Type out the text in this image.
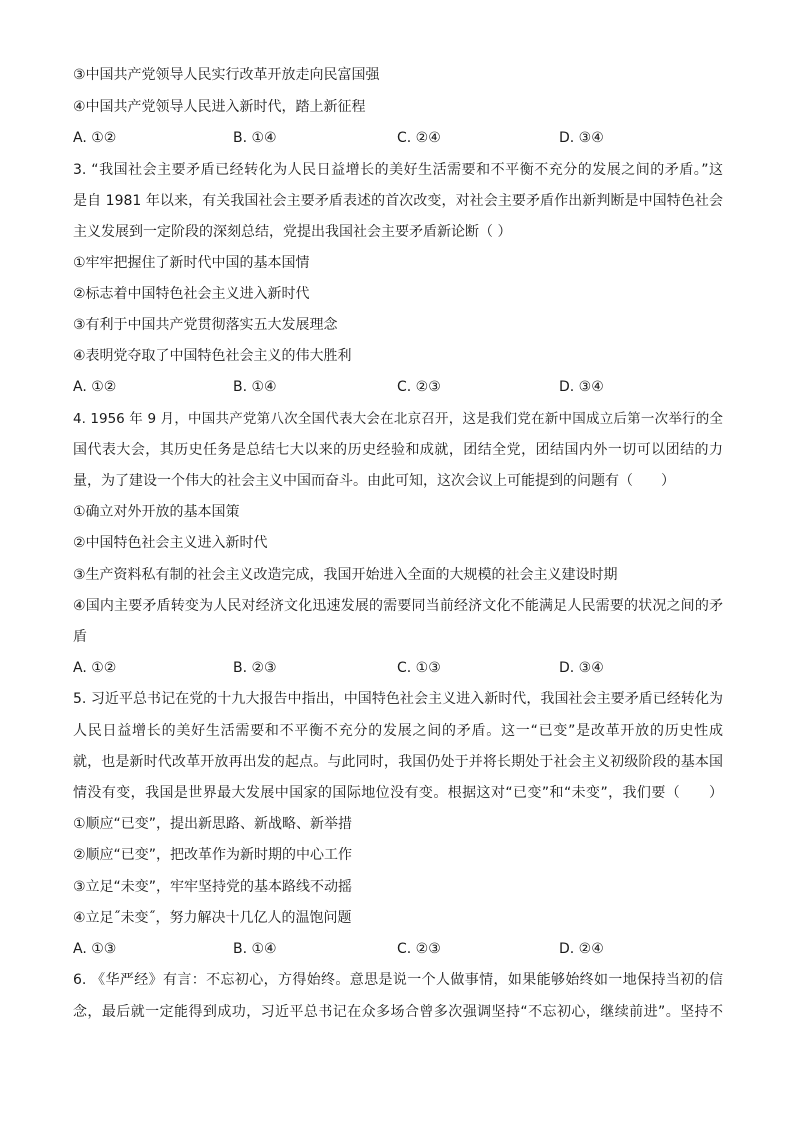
③中国共产党领导人民实行改革开放走向民富国强
④中国共产党领导人民进入新时代，踏上新征程
A. ①②	B. ①④	C. ②④	D. ③④
3. “我国社会主要矛盾已经转化为人民日益增长的美好生活需要和不平衡不充分的发展之间的矛盾。”这
是自 1981 年以来，有关我国社会主要矛盾表述的首次改变，对社会主要矛盾作出新判断是中国特色社会
主义发展到一定阶段的深刻总结，党提出我国社会主要矛盾新论断（ ）
①牢牢把握住了新时代中国的基本国情
②标志着中国特色社会主义进入新时代
③有利于中国共产党贯彻落实五大发展理念
④表明党夺取了中国特色社会主义的伟大胜利
A. ①②	B. ①④	C. ②③	D. ③④
4. 1956 年 9 月，中国共产党第八次全国代表大会在北京召开，这是我们党在新中国成立后第一次举行的全
国代表大会，其历史任务是总结七大以来的历史经验和成就，团结全党，团结国内外一切可以团结的力
量，为了建设一个伟大的社会主义中国而奋斗。由此可知，这次会议上可能提到的问题有（　　）
①确立对外开放的基本国策
②中国特色社会主义进入新时代
③生产资料私有制的社会主义改造完成，我国开始进入全面的大规模的社会主义建设时期
④国内主要矛盾转变为人民对经济文化迅速发展的需要同当前经济文化不能满足人民需要的状况之间的矛
盾
A. ①②	B. ②③	C. ①③	D. ③④
5. 习近平总书记在党的十九大报告中指出，中国特色社会主义进入新时代，我国社会主要矛盾已经转化为
人民日益增长的美好生活需要和不平衡不充分的发展之间的矛盾。这一“已变”是改革开放的历史性成
就，也是新时代改革开放再出发的起点。与此同时，我国仍处于并将长期处于社会主义初级阶段的基本国
情没有变，我国是世界最大发展中国家的国际地位没有变。根据这对“已变”和“未变”，我们要（　　）
①顺应“已变”，提出新思路、新战略、新举措
②顺应“已变”，把改革作为新时期的中心工作
③立足“未变”，牢牢坚持党的基本路线不动摇
④立足˝未变˝，努力解决十几亿人的温饱问题
A. ①③	B. ①④	C. ②③	D. ②④
6. 《华严经》有言：不忘初心，方得始终。意思是说一个人做事情，如果能够始终如一地保持当初的信
念，最后就一定能得到成功，习近平总书记在众多场合曾多次强调坚持“不忘初心，继续前进”。坚持不
